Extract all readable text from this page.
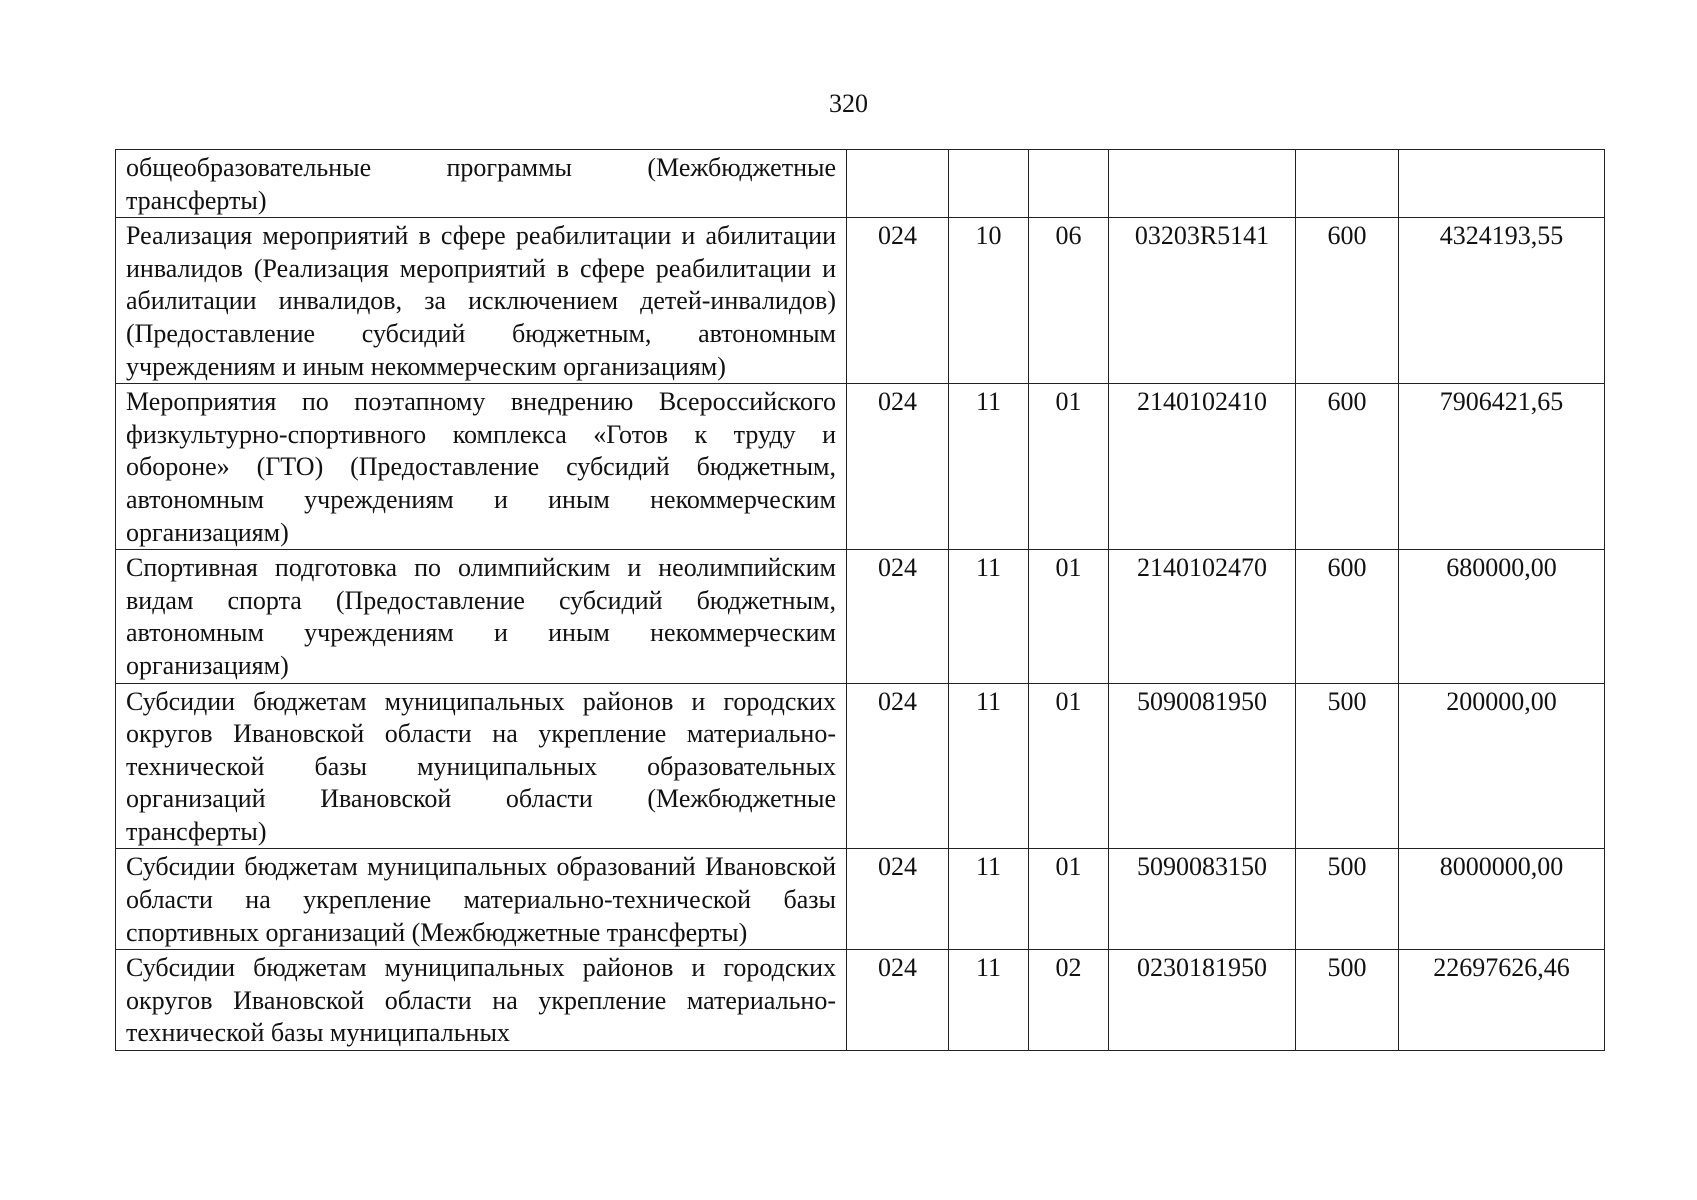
320
общеобразовательные программы (Межбюджетные трансферты)						
Реализация мероприятий в сфере реабилитации и абилитации инвалидов (Реализация мероприятий в сфере реабилитации и абилитации инвалидов, за исключением детей-инвалидов) (Предоставление субсидий бюджетным, автономным учреждениям и иным некоммерческим организациям)	024	10	06	03203R5141	600	4324193,55
Мероприятия по поэтапному внедрению Всероссийского физкультурно-спортивного комплекса «Готов к труду и обороне» (ГТО) (Предоставление субсидий бюджетным, автономным учреждениям и иным некоммерческим организациям)	024	11	01	2140102410	600	7906421,65
Спортивная подготовка по олимпийским и неолимпийским видам спорта (Предоставление субсидий бюджетным, автономным учреждениям и иным некоммерческим организациям)	024	11	01	2140102470	600	680000,00
Субсидии бюджетам муниципальных районов и городских округов Ивановской области на укрепление материально-технической базы муниципальных образовательных организаций Ивановской области (Межбюджетные трансферты)	024	11	01	5090081950	500	200000,00
Субсидии бюджетам муниципальных образований Ивановской области на укрепление материально-технической базы спортивных организаций (Межбюджетные трансферты)	024	11	01	5090083150	500	8000000,00
Субсидии бюджетам муниципальных районов и городских округов Ивановской области на укрепление материально-технической базы муниципальных	024	11	02	0230181950	500	22697626,46
